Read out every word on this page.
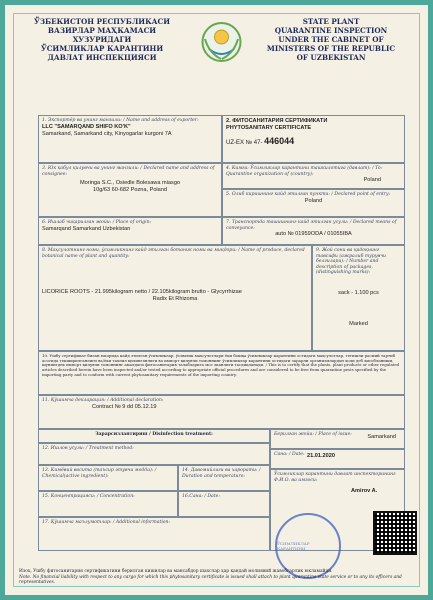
ЎЗБЕКИСТОН РЕСПУБЛИКАСИ
ВАЗИРЛАР МАҲКАМАСИ
ХУЗУРИДАГИ
ЎСИМЛИКЛАР КАРАНТИНИ
ДАВЛАТ ИНСПЕКЦИЯСИ
STATE PLANT
QUARANTINE INSPECTION
UNDER THE CABINET OF
MINISTERS OF THE REPUBLIC
OF UZBEKISTAN
1. Экспортёр ва унинг манзили: / Name and address of exporter:
LLC "SAMARQAND SHIFO KO'K"
Samarkand, Samarkand city, Kinyogarlar kurgoni 7A
2. ФИТОСАНИТАРИЯ СЕРТИФИКАТИ
PHYTOSANITARY CERTIFICATE
UZ-EX № 47- 446044
3. Юк қабул қилувчи ва унинг манзили: / Declared name and address of consignee:
Moringa S.C., Osiedle Bolesawa miasgo
10g/63 60-682 Pozna, Poland
4. Кимга: Ўсимликлар карантини ташкилотига (давлат): / To: Quarantine organization of (country):
Poland
5. Олиб киришнинг кайд этилган пункти: / Declared point of entry:
Poland
6. Ишлаб чиқарилган жойи: / Place of origin:
Samarqand Samarkand Uzbekistan
7. Транспортда ташишнинг кайд этилган усули: / Declared means of conveyance:
auto № 01959ODA / 01055IBA
8. Маҳсулотнинг номи, ўсимликнинг кайд этилган ботаник номи ва миқдори: / Name of produce, declared botanical name of plant and quantity:
LICORICE ROOTS - 21.995kilogram netto / 22.105kilogram brutto - Glycyrrhizae
Radix Et Rhizoma
9. Жой сони ва қадоқнинг тавсифи (ажралиб турувчи белгилари): / Number and description of packages, (distinguishing marks):
sack - 1.100 pcs
Marked
10. Ушбу сертификат билан юкорида кайд этилган ўсимликлар, ўсимлик маҳсулотлари ёки бошқа ўсимликлар карантини остидаги маҳсулотлар, тегишли расмий тартиб асосида текширилганлиги ва/ёки тахлил қилинганлиги ва импорт қилувчи томоннинг ўсимликлар карантини остидаги зарарли организмлардан ҳоли деб ҳисобланиши, шунингдек импорт қилувчи томоннинг амалдаги фитосанитария талабларига мос эканлиги тасдиқланади. / This is to certify that the plants, plant products or other regulated articles described herein have been inspected and/or tested according to appropriate official procedures and are considered to be free from quarantine pests specified by the importing party and to conform with current phytosanitary requirements of the importing country.
11. Қўшимча декларация: / Additional declaration:
Contract № 9 dd 05.12.19
Зарарсизлантириш / Disinfection treatment:	Берилган жойи: / Place of issue:	Samarkand
12. Ишлов усули: / Treatment method:
Сана: / Date: 21.01.2020
13. Кимёвий восита (таъсир этувчи модда): / Chemical(active ingredient):
14. Давомийлиги ва харорати: / Duration and temperature:	Ўсимликлар карантини давлат инспекторининг Ф.И.О. ва имзоси:
Amirov A.
15. Концентрацияси: / Concentration:	16.Сана: / Date:
17. Қўшимча маълумотлар: / Additional information:
ЎСИМЛИКЛАР КАРАНТИНИ
Изоҳ. Ушбу фитосанитария сертификатини берилган кишилар ва мансабдор шахслар ҳар қандай молиявий жавобгарлик юкламайди.
Note. No financial liability with respect to any cargo for which this phytosanitary certificate is issued shall attach to plant quarantine state service or to any its officers and representatives.
